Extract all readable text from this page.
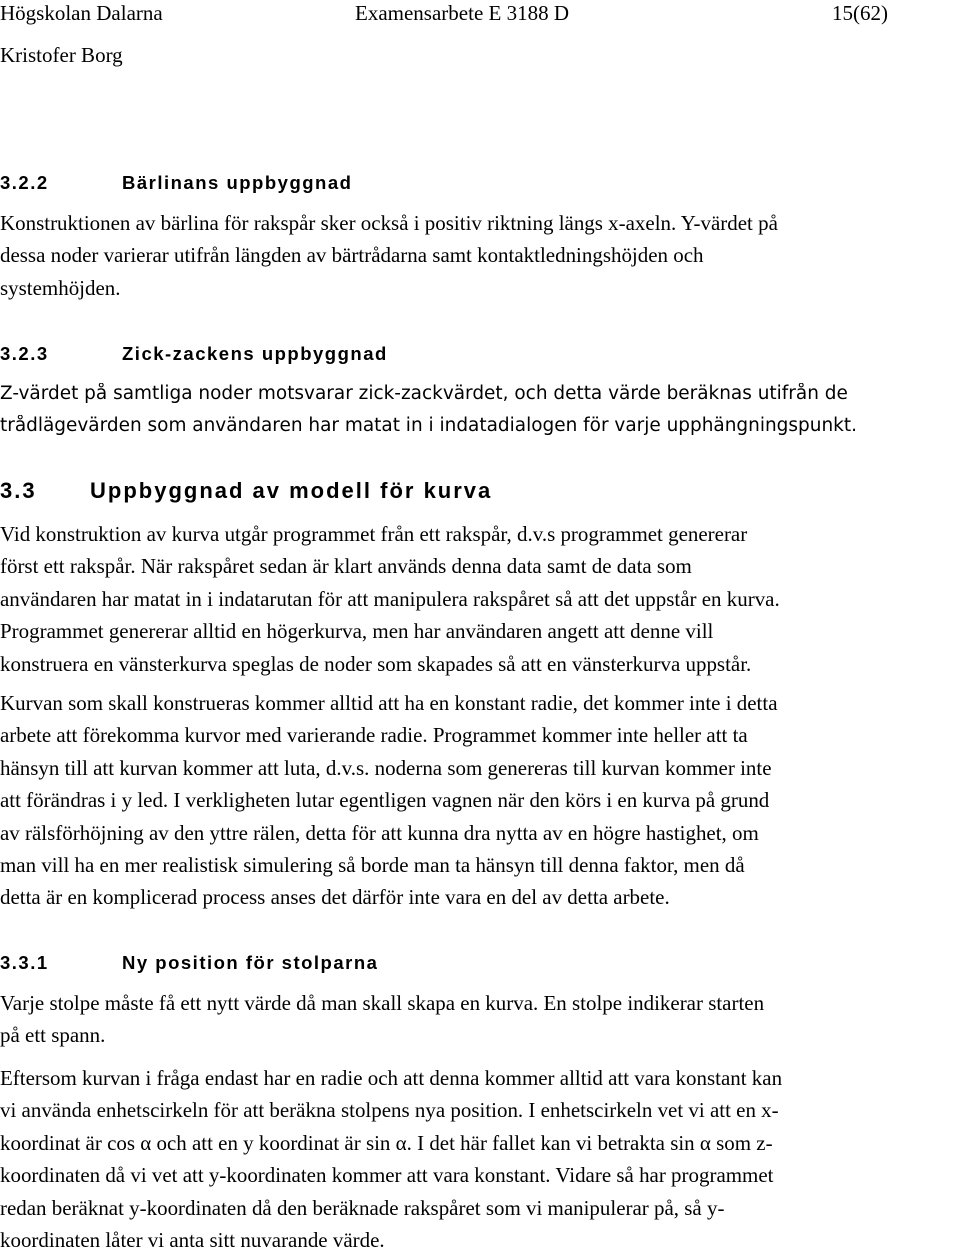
Högskolan Dalarna	Examensarbete E 3188 D	15(62)
Kristofer Borg
3.2.2	Bärlinans uppbyggnad
Konstruktionen av bärlina för rakspår sker också i positiv riktning längs x-axeln. Y-värdet på
dessa noder varierar utifrån längden av bärtrådarna samt kontaktledningshöjden och
systemhöjden.
3.2.3	Zick-zackens uppbyggnad
Z-värdet på samtliga noder motsvarar zick-zackvärdet, och detta värde beräknas utifrån de
trådlägevärden som användaren har matat in i indatadialogen för varje upphängningspunkt.
3.3 Uppbyggnad av modell för kurva
Vid konstruktion av kurva utgår programmet från ett rakspår, d.v.s programmet genererar
först ett rakspår. När rakspåret sedan är klart används denna data samt de data som
användaren har matat in i indatarutan för att manipulera rakspåret så att det uppstår en kurva.
Programmet genererar alltid en högerkurva, men har användaren angett att denne vill
konstruera en vänsterkurva speglas de noder som skapades så att en vänsterkurva uppstår.
Kurvan som skall konstrueras kommer alltid att ha en konstant radie, det kommer inte i detta
arbete att förekomma kurvor med varierande radie. Programmet kommer inte heller att ta
hänsyn till att kurvan kommer att luta, d.v.s. noderna som genereras till kurvan kommer inte
att förändras i y led. I verkligheten lutar egentligen vagnen när den körs i en kurva på grund
av rälsförhöjning av den yttre rälen, detta för att kunna dra nytta av en högre hastighet, om
man vill ha en mer realistisk simulering så borde man ta hänsyn till denna faktor, men då
detta är en komplicerad process anses det därför inte vara en del av detta arbete.
3.3.1	Ny position för stolparna
Varje stolpe måste få ett nytt värde då man skall skapa en kurva. En stolpe indikerar starten
på ett spann.
Eftersom kurvan i fråga endast har en radie och att denna kommer alltid att vara konstant kan
vi använda enhetscirkeln för att beräkna stolpens nya position. I enhetscirkeln vet vi att en x-
koordinat är cos α och att en y koordinat är sin α. I det här fallet kan vi betrakta sin α som z-
koordinaten då vi vet att y-koordinaten kommer att vara konstant. Vidare så har programmet
redan beräknat y-koordinaten då den beräknade rakspåret som vi manipulerar på, så y-
koordinaten låter vi anta sitt nuvarande värde.
